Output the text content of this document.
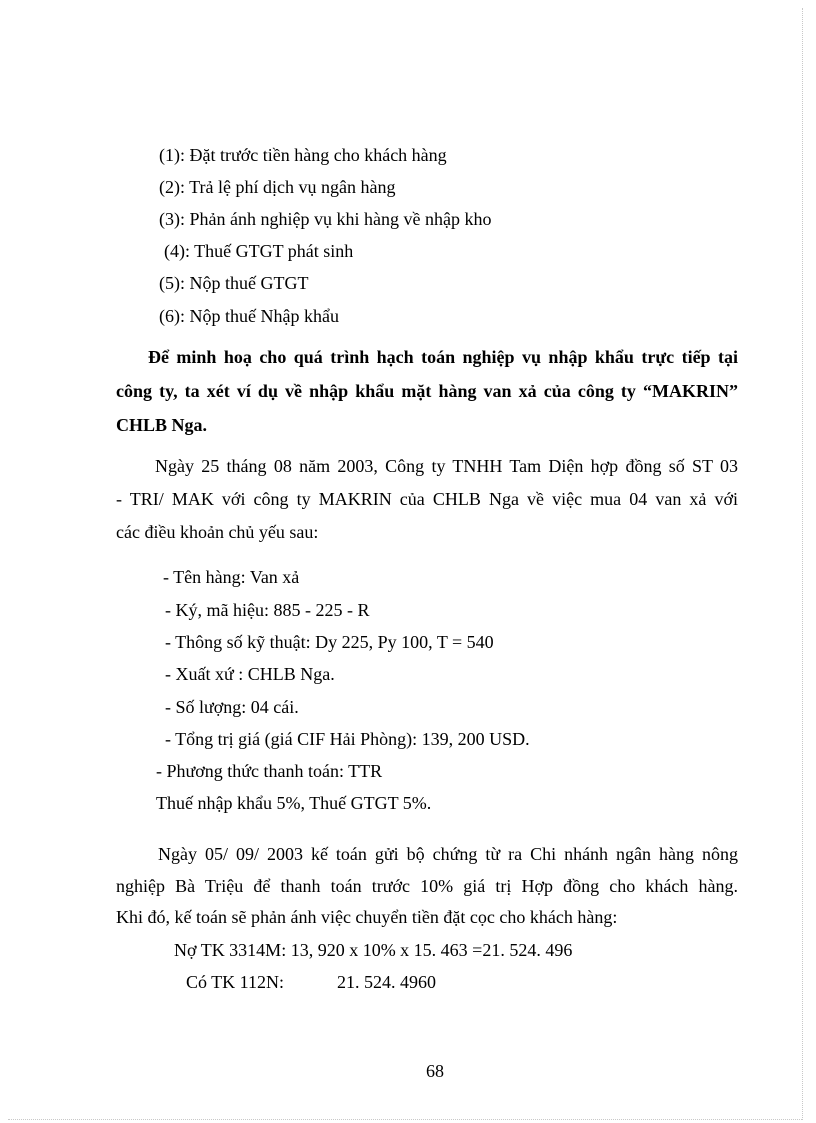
(1): Đặt trước tiền hàng cho khách hàng
(2): Trả lệ phí dịch vụ ngân hàng
(3): Phản ánh nghiệp vụ khi hàng về nhập kho
(4): Thuế GTGT phát sinh
(5): Nộp thuế GTGT
(6): Nộp thuế Nhập khẩu
Để minh hoạ cho quá trình hạch toán nghiệp vụ nhập khẩu trực tiếp tại
công ty, ta xét ví dụ về nhập khẩu mặt hàng van xả của công ty “MAKRIN”
CHLB Nga.
Ngày 25 tháng 08 năm 2003, Công ty TNHH Tam Diện hợp đồng số ST 03
- TRI/ MAK với công ty MAKRIN của CHLB Nga về việc mua 04 van xả với
các điều khoản chủ yếu sau:
- Tên hàng: Van xả
- Ký, mã hiệu: 885 - 225 - R
- Thông số kỹ thuật: Dy 225, Py 100, T = 540
- Xuất xứ : CHLB Nga.
- Số lượng: 04 cái.
- Tổng trị giá (giá CIF Hải Phòng): 139, 200 USD.
- Phương thức thanh toán: TTR
Thuế nhập khẩu 5%, Thuế GTGT 5%.
Ngày 05/ 09/ 2003 kế toán gửi bộ chứng từ ra Chi nhánh ngân hàng nông
nghiệp Bà Triệu để thanh toán trước 10% giá trị Hợp đồng cho khách hàng.
Khi đó, kế toán sẽ phản ánh việc chuyển tiền đặt cọc cho khách hàng:
Nợ TK 3314M: 13, 920 x 10% x 15. 463 =21. 524. 496
Có TK 112N:	21. 524. 4960
68
